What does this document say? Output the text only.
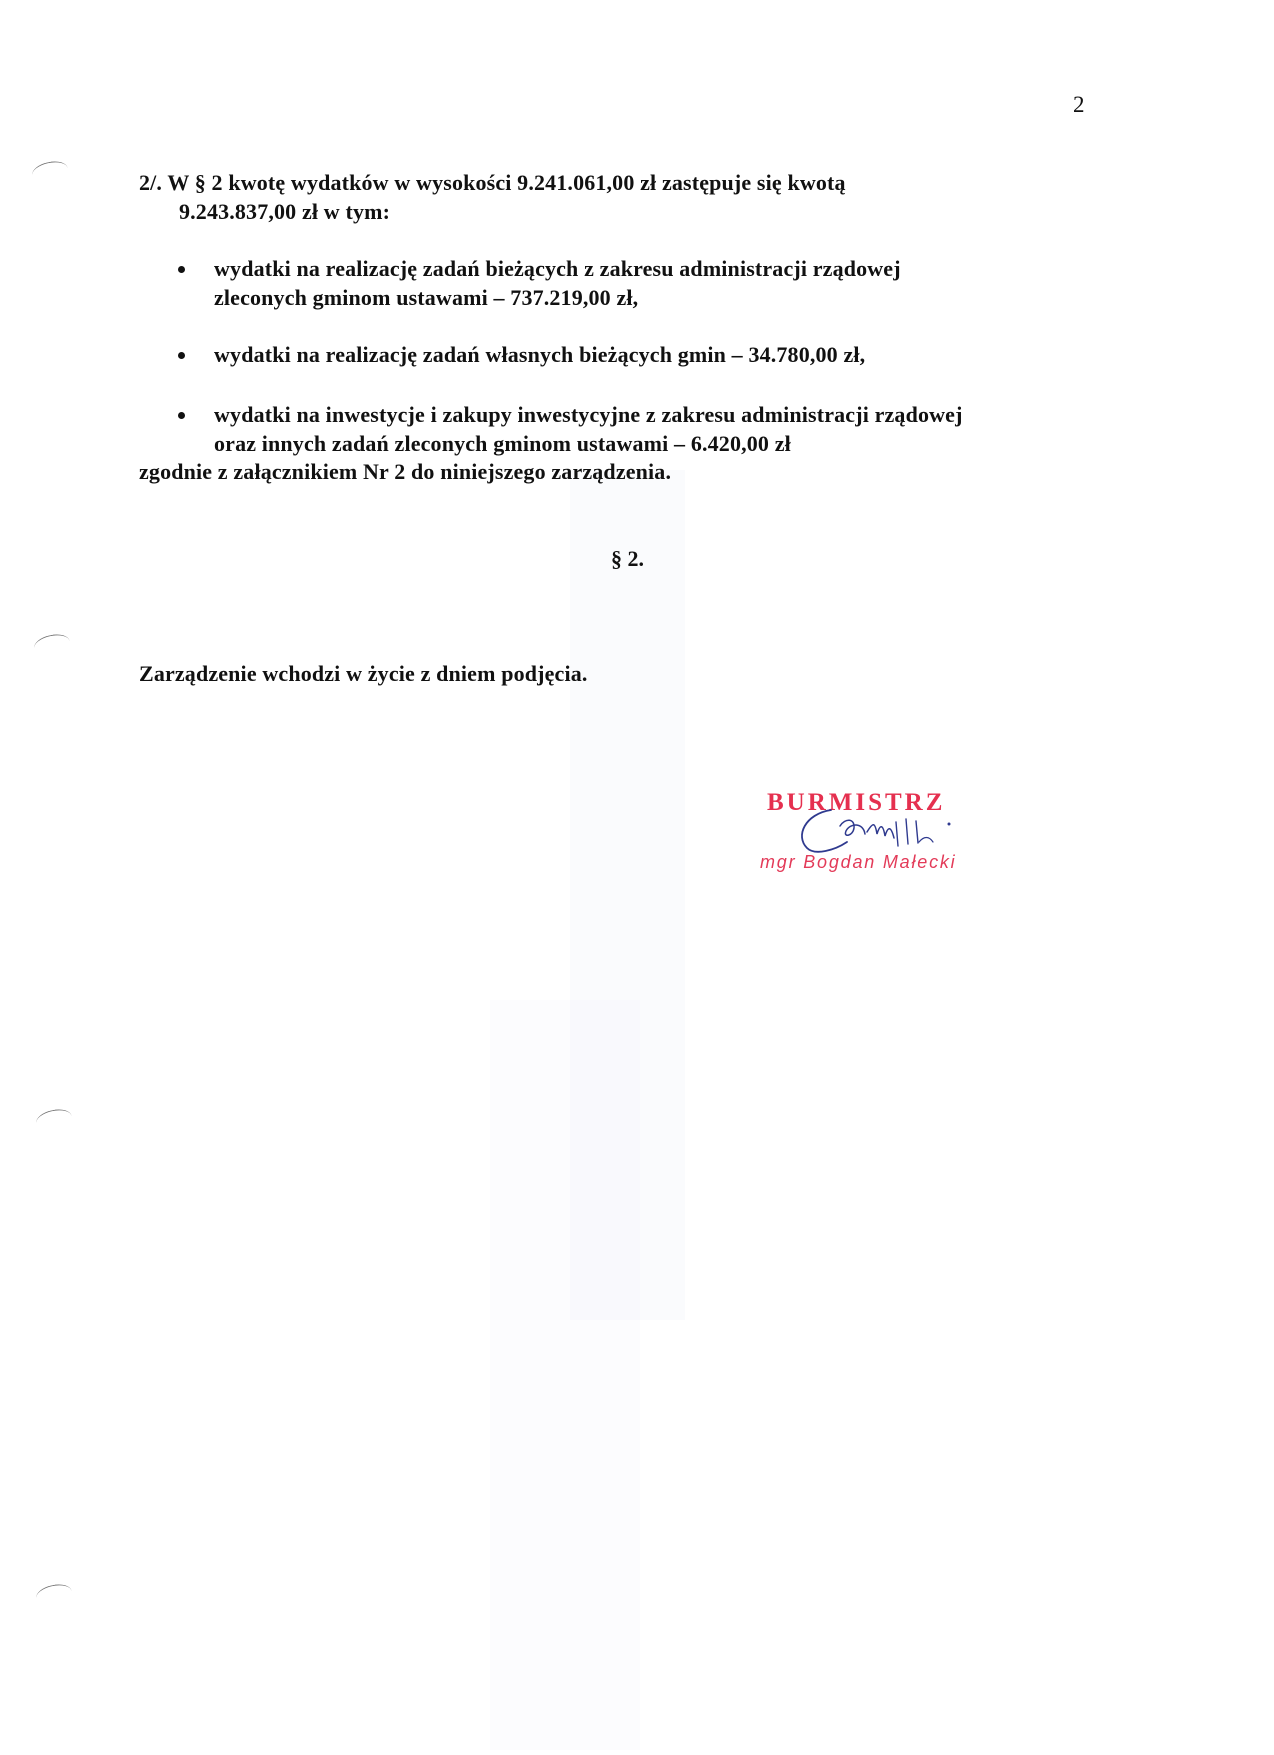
2
2/. W § 2 kwotę wydatków w wysokości 9.241.061,00 zł zastępuje się kwotą
9.243.837,00 zł w tym:
wydatki na realizację zadań bieżących z zakresu administracji rządowej
zleconych gminom ustawami – 737.219,00 zł,
wydatki na realizację zadań własnych bieżących gmin – 34.780,00 zł,
wydatki na inwestycje i zakupy inwestycyjne z zakresu administracji rządowej
oraz innych zadań zleconych gminom ustawami – 6.420,00 zł
zgodnie z załącznikiem Nr 2 do niniejszego zarządzenia.
§ 2.
Zarządzenie wchodzi w życie z dniem podjęcia.
BURMISTRZ
mgr Bogdan Małecki
